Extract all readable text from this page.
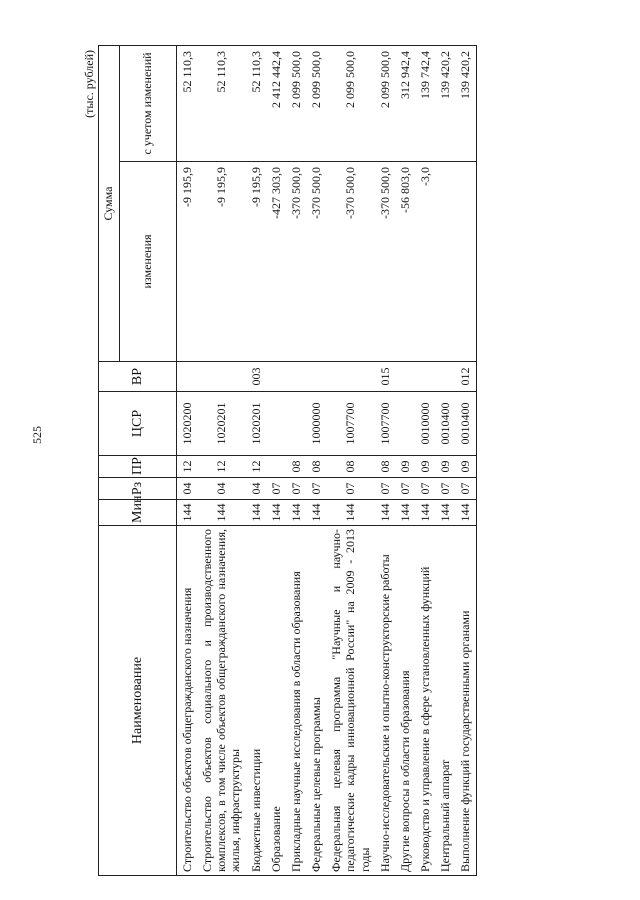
525
(тыс. рублей)
Наименование	Мин	Рз	ПР	ЦСР	ВР	Сумма	
						изменения	с учетом изменений
Строительство объектов общегражданского назначения	144	04	12	1020200		-9 195,9	52 110,3
Строительство объектов социального и производственного комплексов, в том числе объектов общегражданского назначения, жилья, инфраструктуры	144	04	12	1020201		-9 195,9	52 110,3
Бюджетные инвестиции	144	04	12	1020201	003	-9 195,9	52 110,3
Образование	144	07				-427 303,0	2 412 442,4
Прикладные научные исследования в области образования	144	07	08			-370 500,0	2 099 500,0
Федеральные целевые программы	144	07	08	1000000		-370 500,0	2 099 500,0
Федеральная целевая программа "Научные и научно-педагогические кадры инновационной России" на 2009 - 2013 годы	144	07	08	1007700		-370 500,0	2 099 500,0
Научно-исследовательские и опытно-конструкторские работы	144	07	08	1007700	015	-370 500,0	2 099 500,0
Другие вопросы в области образования	144	07	09			-56 803,0	312 942,4
Руководство и управление в сфере установленных функций	144	07	09	0010000		-3,0	139 742,4
Центральный аппарат	144	07	09	0010400			139 420,2
Выполнение функций государственными органами	144	07	09	0010400	012		139 420,2
